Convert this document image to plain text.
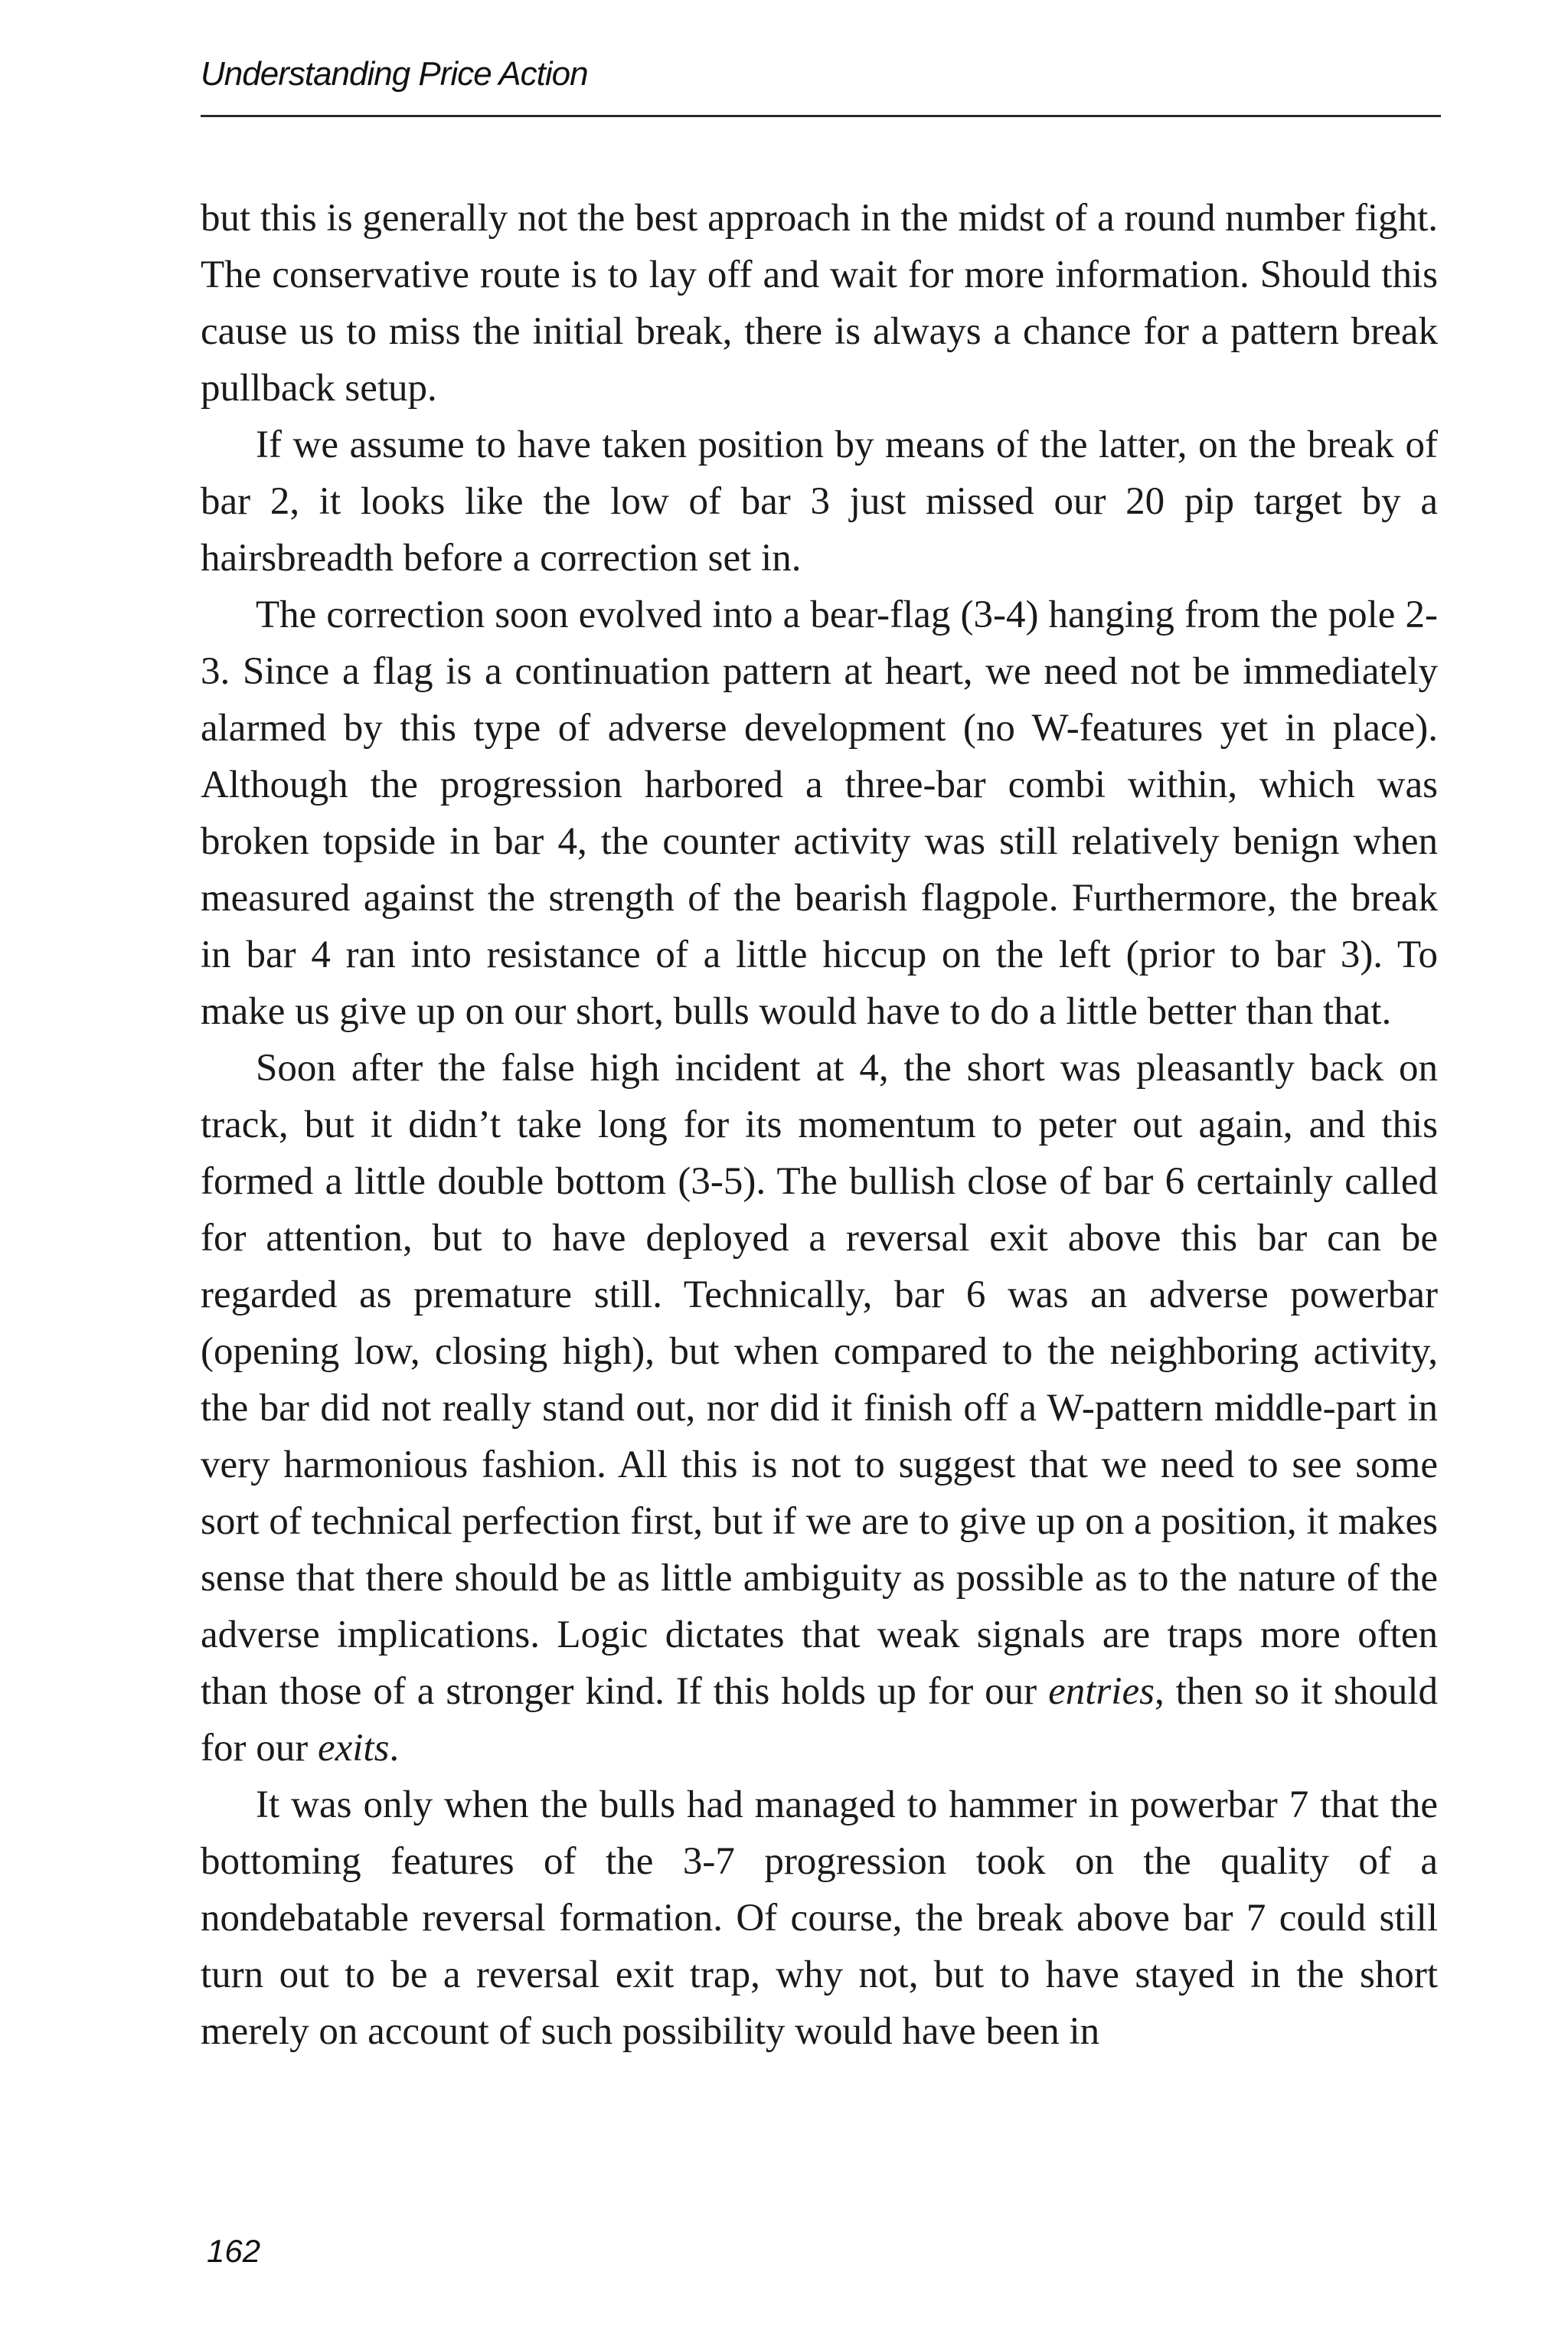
Understanding Price Action

but this is generally not the best approach in the midst of a round number fight. The conservative route is to lay off and wait for more information. Should this cause us to miss the initial break, there is always a chance for a pattern break pullback setup.

If we assume to have taken position by means of the latter, on the break of bar 2, it looks like the low of bar 3 just missed our 20 pip target by a hairsbreadth before a correction set in.

The correction soon evolved into a bear-flag (3-4) hanging from the pole 2-3. Since a flag is a continuation pattern at heart, we need not be immediately alarmed by this type of adverse development (no W-features yet in place). Although the progression harbored a three-bar combi within, which was broken topside in bar 4, the counter activity was still relatively benign when measured against the strength of the bearish flagpole. Furthermore, the break in bar 4 ran into resistance of a little hiccup on the left (prior to bar 3). To make us give up on our short, bulls would have to do a little better than that.

Soon after the false high incident at 4, the short was pleasantly back on track, but it didn’t take long for its momentum to peter out again, and this formed a little double bottom (3-5). The bullish close of bar 6 certainly called for attention, but to have deployed a reversal exit above this bar can be regarded as premature still. Technically, bar 6 was an adverse powerbar (opening low, closing high), but when compared to the neighboring activity, the bar did not really stand out, nor did it finish off a W-pattern middle-part in very harmonious fashion. All this is not to suggest that we need to see some sort of technical perfection first, but if we are to give up on a position, it makes sense that there should be as little ambiguity as possible as to the nature of the adverse implications. Logic dictates that weak signals are traps more often than those of a stronger kind. If this holds up for our entries, then so it should for our exits.

It was only when the bulls had managed to hammer in powerbar 7 that the bottoming features of the 3-7 progression took on the quality of a nondebatable reversal formation. Of course, the break above bar 7 could still turn out to be a reversal exit trap, why not, but to have stayed in the short merely on account of such possibility would have been in

162
